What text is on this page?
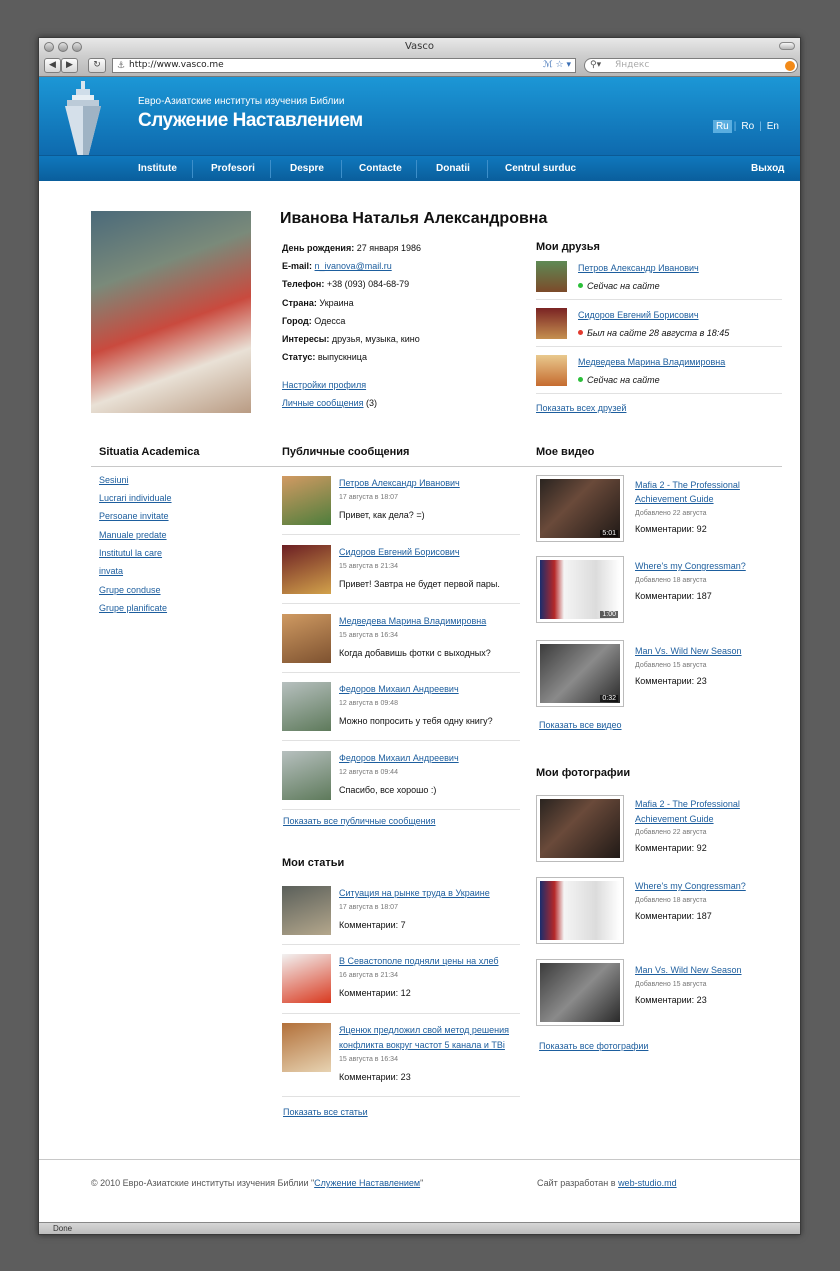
Vasco
◀	▶	↻	⚓ http://www.vasco.me	ℳ ☆ ▾ ⚲▾ Яндекс
Евро-Азиатские институты изучения Библии
Служение Наставлением	Ru | Ro | En
Institute	Profesori	Despre	Contacte	Donatii	Centrul surduc	Выход
Иванова Наталья Александровна
День рождения: 27 января 1986
E-mail: n_ivanova@mail.ru
Телефон: +38 (093) 084-68-79
Страна: Украина
Город: Одесса
Интересы: друзья, музыка, кино
Статус: выпускница
Настройки профиля
Личные сообщения (3)
Мои друзья
Петров Александр Иванович
Сейчас на сайте
Сидоров Евгений Борисович
Был на сайте 28 августа в 18:45
Медведева Марина Владимировна
Сейчас на сайте
Показать всех друзей
Situatia Academica	Публичные сообщения	Мое видео
Sesiuni
Lucrari individuale
Persoane invitate
Manuale predate
Institutul la care
invata
Grupe conduse
Grupe planificate
Петров Александр Иванович
17 августа в 18:07
Привет, как дела? =)
Сидоров Евгений Борисович
15 августа в 21:34
Привет! Завтра не будет первой пары.
Медведева Марина Владимировна
15 августа в 16:34
Когда добавишь фотки с выходных?
Федоров Михаил Андреевич
12 августа в 09:48
Можно попросить у тебя одну книгу?
Федоров Михаил Андреевич
12 августа в 09:44
Спасибо, все хорошо :)
Показать все публичные сообщения
Мои статьи
Ситуация на рынке труда в Украине
17 августа в 18:07
Комментарии: 7
В Севастополе подняли цены на хлеб
16 августа в 21:34
Комментарии: 12
Яценюк предложил свой метод решения
конфликта вокруг частот 5 канала и ТВі
15 августа в 16:34
Комментарии: 23
Показать все статьи
5:01
Mafia 2 - The Professional
Achievement Guide
Добавлено 22 августа
Комментарии: 92
1:00
Where's my Congressman?
Добавлено 18 августа
Комментарии: 187
0:32
Man Vs. Wild New Season
Добавлено 15 августа
Комментарии: 23
Показать все видео
Мои фотографии
Mafia 2 - The Professional
Achievement Guide
Добавлено 22 августа
Комментарии: 92
Where's my Congressman?
Добавлено 18 августа
Комментарии: 187
Man Vs. Wild New Season
Добавлено 15 августа
Комментарии: 23
Показать все фотографии
© 2010 Евро-Азиатские институты изучения Библии "Служение Наставлением"	Сайт разработан в web-studio.md
Done
